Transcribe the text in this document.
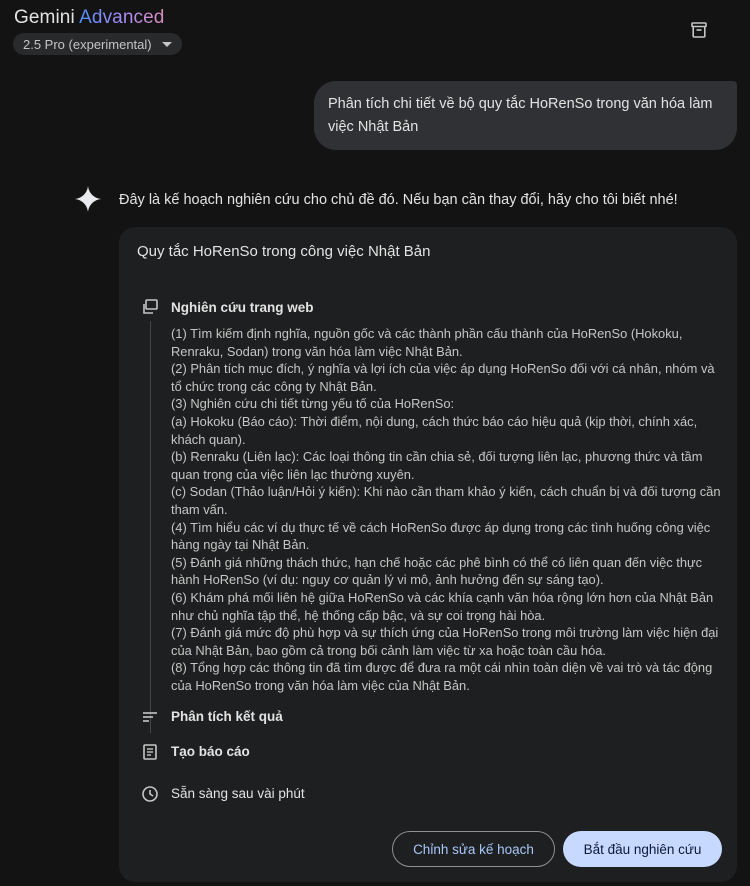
Gemini Advanced
2.5 Pro (experimental)
Phân tích chi tiết về bộ quy tắc HoRenSo trong văn hóa làm việc Nhật Bản
Đây là kế hoạch nghiên cứu cho chủ đề đó. Nếu bạn cần thay đổi, hãy cho tôi biết nhé!
Quy tắc HoRenSo trong công việc Nhật Bản
Nghiên cứu trang web
(1) Tìm kiếm định nghĩa, nguồn gốc và các thành phần cấu thành của HoRenSo (Hokoku, Renraku, Sodan) trong văn hóa làm việc Nhật Bản.
(2) Phân tích mục đích, ý nghĩa và lợi ích của việc áp dụng HoRenSo đối với cá nhân, nhóm và tổ chức trong các công ty Nhật Bản.
(3) Nghiên cứu chi tiết từng yếu tố của HoRenSo:
(a) Hokoku (Báo cáo): Thời điểm, nội dung, cách thức báo cáo hiệu quả (kịp thời, chính xác, khách quan).
(b) Renraku (Liên lạc): Các loại thông tin cần chia sẻ, đối tượng liên lạc, phương thức và tầm quan trọng của việc liên lạc thường xuyên.
(c) Sodan (Thảo luận/Hỏi ý kiến): Khi nào cần tham khảo ý kiến, cách chuẩn bị và đối tượng cần tham vấn.
(4) Tìm hiểu các ví dụ thực tế về cách HoRenSo được áp dụng trong các tình huống công việc hàng ngày tại Nhật Bản.
(5) Đánh giá những thách thức, hạn chế hoặc các phê bình có thể có liên quan đến việc thực hành HoRenSo (ví dụ: nguy cơ quản lý vi mô, ảnh hưởng đến sự sáng tạo).
(6) Khám phá mối liên hệ giữa HoRenSo và các khía cạnh văn hóa rộng lớn hơn của Nhật Bản như chủ nghĩa tập thể, hệ thống cấp bậc, và sự coi trọng hài hòa.
(7) Đánh giá mức độ phù hợp và sự thích ứng của HoRenSo trong môi trường làm việc hiện đại của Nhật Bản, bao gồm cả trong bối cảnh làm việc từ xa hoặc toàn cầu hóa.
(8) Tổng hợp các thông tin đã tìm được để đưa ra một cái nhìn toàn diện về vai trò và tác động của HoRenSo trong văn hóa làm việc của Nhật Bản.
Phân tích kết quả
Tạo báo cáo
Sẵn sàng sau vài phút
Chỉnh sửa kế hoạch	Bắt đầu nghiên cứu
